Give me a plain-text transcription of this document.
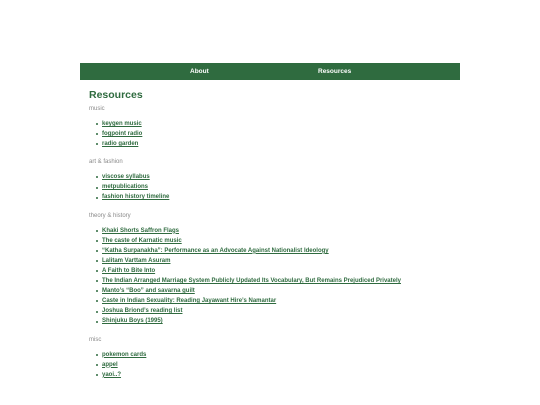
About	Resources
Resources
music
keygen music
fogpoint radio
radio garden
art & fashion
viscose syllabus
metpublications
fashion history timeline
theory & history
Khaki Shorts Saffron Flags
The caste of Karnatic music
“Katha Surpanakha”: Performance as an Advocate Against Nationalist Ideology
Lalitam Varttam Asuram
A Faith to Bite Into
The Indian Arranged Marriage System Publicly Updated Its Vocabulary, But Remains Prejudiced Privately
Manto’s “Boo” and savarna guilt
Caste in Indian Sexuality: Reading Jayawant Hire’s Namantar
Joshua Briond’s reading list
Shinjuku Boys (1995)
misc
pokemon cards
appel
yaoi..?
